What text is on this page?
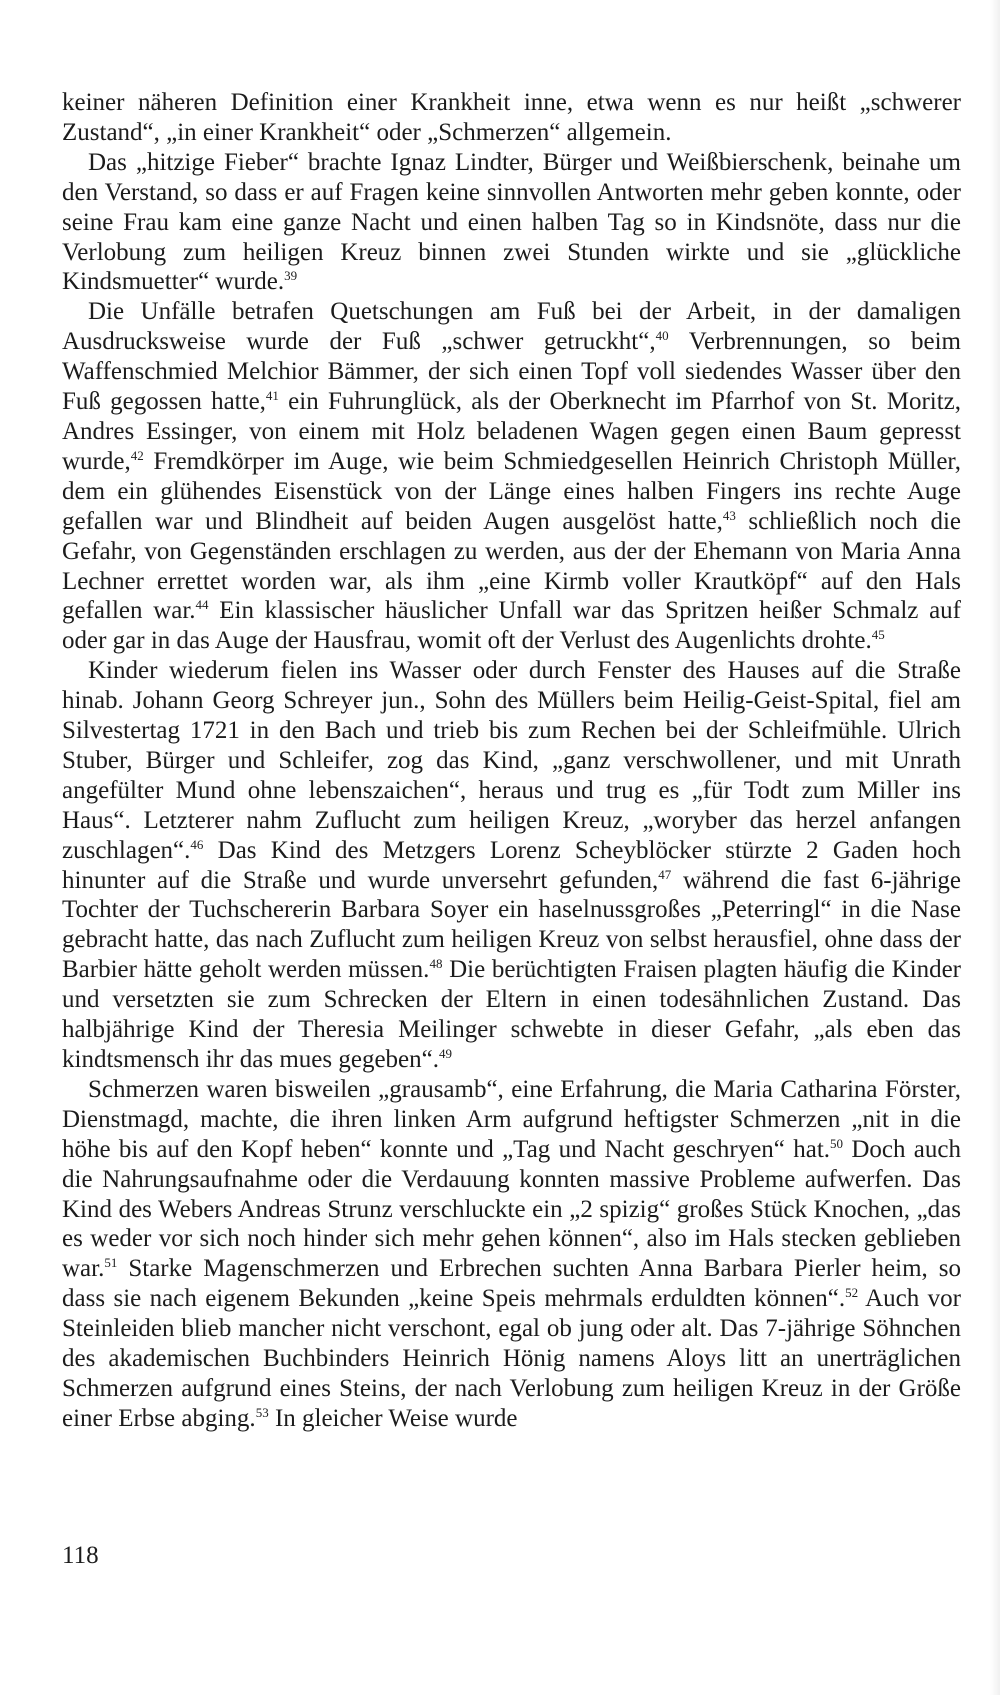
keiner näheren Definition einer Krankheit inne, etwa wenn es nur heißt „schwerer Zustand“, „in einer Krankheit“ oder „Schmerzen“ allgemein.

Das „hitzige Fieber“ brachte Ignaz Lindter, Bürger und Weißbierschenk, beinahe um den Verstand, so dass er auf Fragen keine sinnvollen Antworten mehr geben konnte, oder seine Frau kam eine ganze Nacht und einen halben Tag so in Kindsnöte, dass nur die Verlobung zum heiligen Kreuz binnen zwei Stunden wirkte und sie „glückliche Kindsmuetter“ wurde.$^{39}$

Die Unfälle betrafen Quetschungen am Fuß bei der Arbeit, in der damaligen Ausdrucksweise wurde der Fuß „schwer getruckht“,$^{40}$ Verbrennungen, so beim Waffenschmied Melchior Bämmer, der sich einen Topf voll siedendes Wasser über den Fuß gegossen hatte,$^{41}$ ein Fuhrunglück, als der Oberknecht im Pfarrhof von St. Moritz, Andres Essinger, von einem mit Holz beladenen Wagen gegen einen Baum gepresst wurde,$^{42}$ Fremdkörper im Auge, wie beim Schmiedgesellen Heinrich Christoph Müller, dem ein glühendes Eisenstück von der Länge eines halben Fingers ins rechte Auge gefallen war und Blindheit auf beiden Augen ausgelöst hatte,$^{43}$ schließlich noch die Gefahr, von Gegenständen erschlagen zu werden, aus der der Ehemann von Maria Anna Lechner errettet worden war, als ihm „eine Kirmb voller Krautköpf“ auf den Hals gefallen war.$^{44}$ Ein klassischer häuslicher Unfall war das Spritzen heißer Schmalz auf oder gar in das Auge der Hausfrau, womit oft der Verlust des Augenlichts drohte.$^{45}$

Kinder wiederum fielen ins Wasser oder durch Fenster des Hauses auf die Straße hinab. Johann Georg Schreyer jun., Sohn des Müllers beim Heilig-Geist-Spital, fiel am Silvestertag 1721 in den Bach und trieb bis zum Rechen bei der Schleifmühle. Ulrich Stuber, Bürger und Schleifer, zog das Kind, „ganz verschwollener, und mit Unrath angefülter Mund ohne lebenszaichen“, heraus und trug es „für Todt zum Miller ins Haus“. Letzterer nahm Zuflucht zum heiligen Kreuz, „woryber das herzel anfangen zuschlagen“.$^{46}$ Das Kind des Metzgers Lorenz Scheyblöcker stürzte 2 Gaden hoch hinunter auf die Straße und wurde unversehrt gefunden,$^{47}$ während die fast 6-jährige Tochter der Tuchschererin Barbara Soyer ein haselnussgroßes „Peterringl“ in die Nase gebracht hatte, das nach Zuflucht zum heiligen Kreuz von selbst herausfiel, ohne dass der Barbier hätte geholt werden müssen.$^{48}$ Die berüchtigten Fraisen plagten häufig die Kinder und versetzten sie zum Schrecken der Eltern in einen todesähnlichen Zustand. Das halbjährige Kind der Theresia Meilinger schwebte in dieser Gefahr, „als eben das kindtsmensch ihr das mues gegeben“.$^{49}$

Schmerzen waren bisweilen „grausamb“, eine Erfahrung, die Maria Catharina Förster, Dienstmagd, machte, die ihren linken Arm aufgrund heftigster Schmerzen „nit in die höhe bis auf den Kopf heben“ konnte und „Tag und Nacht geschryen“ hat.$^{50}$ Doch auch die Nahrungsaufnahme oder die Verdauung konnten massive Probleme aufwerfen. Das Kind des Webers Andreas Strunz verschluckte ein „2 spizig“ großes Stück Knochen, „das es weder vor sich noch hinder sich mehr gehen können“, also im Hals stecken geblieben war.$^{51}$ Starke Magenschmerzen und Erbrechen suchten Anna Barbara Pierler heim, so dass sie nach eigenem Bekunden „keine Speis mehrmals erduldten können“.$^{52}$ Auch vor Steinleiden blieb mancher nicht verschont, egal ob jung oder alt. Das 7-jährige Söhnchen des akademischen Buchbinders Heinrich Hönig namens Aloys litt an unerträglichen Schmerzen aufgrund eines Steins, der nach Verlobung zum heiligen Kreuz in der Größe einer Erbse abging.$^{53}$ In gleicher Weise wurde

118
